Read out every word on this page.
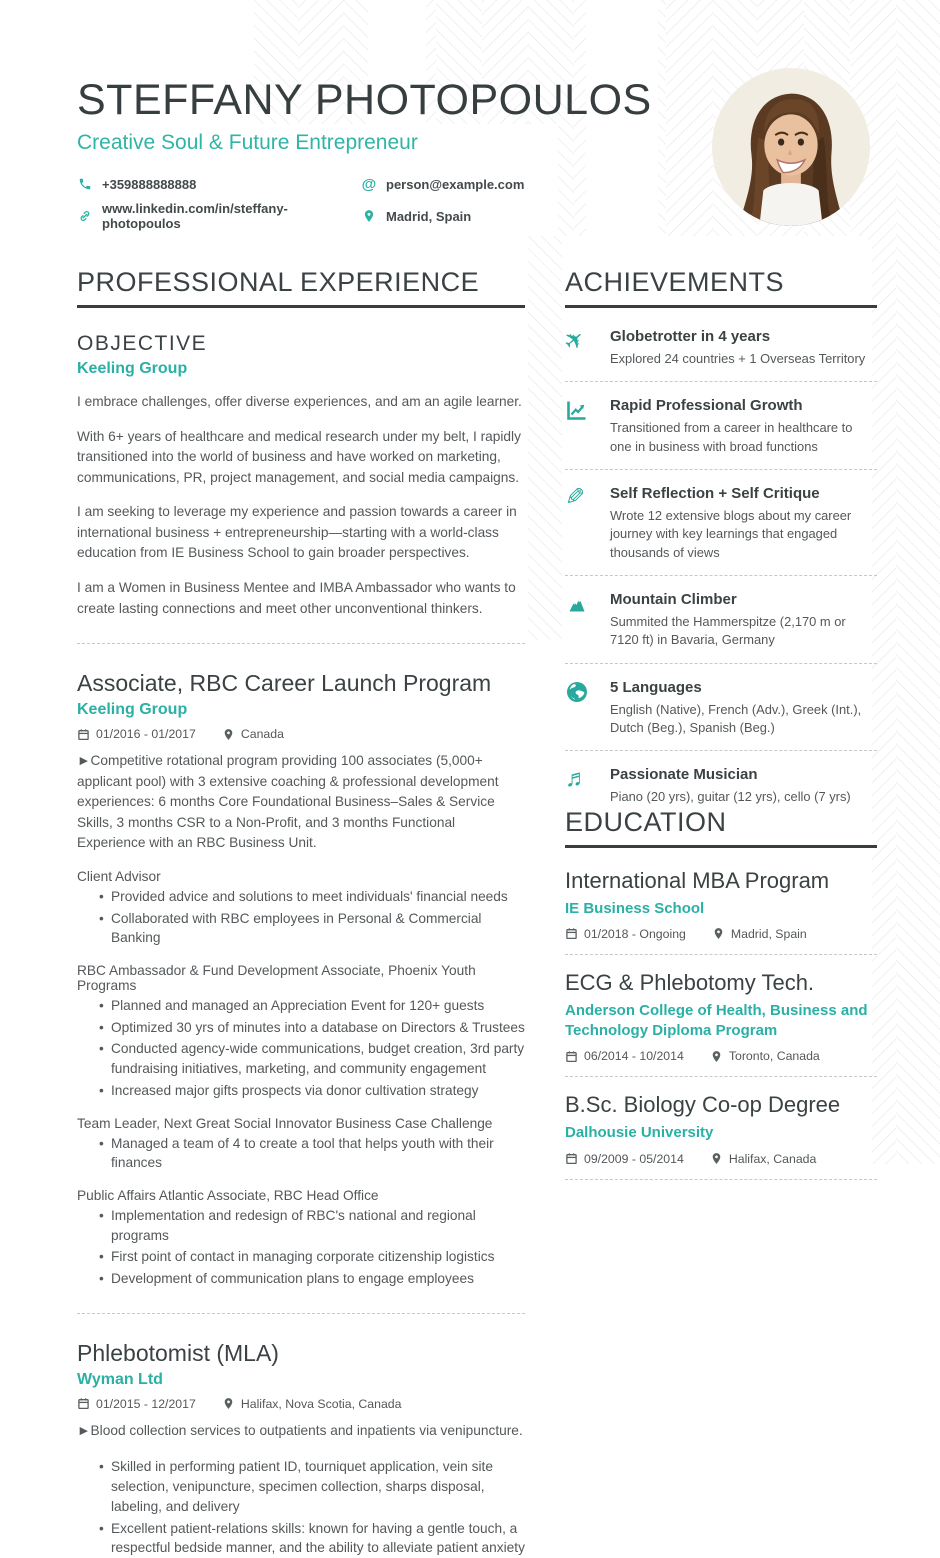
STEFFANY PHOTOPOULOS
Creative Soul & Future Entrepreneur
+359888888888	@ person@example.com
www.linkedin.com/in/steffany-photopoulos	Madrid, Spain
PROFESSIONAL EXPERIENCE
OBJECTIVE
Keeling Group

I embrace challenges, offer diverse experiences, and am an agile learner.

With 6+ years of healthcare and medical research under my belt, I rapidly transitioned into the world of business and have worked on marketing, communications, PR, project management, and social media campaigns.

I am seeking to leverage my experience and passion towards a career in international business + entrepreneurship—starting with a world-class education from IE Business School to gain broader perspectives.

I am a Women in Business Mentee and IMBA Ambassador who wants to create lasting connections and meet other unconventional thinkers.

Associate, RBC Career Launch Program
Keeling Group
01/2016 - 01/2017	Canada

►Competitive rotational program providing 100 associates (5,000+ applicant pool) with 3 extensive coaching & professional development experiences: 6 months Core Foundational Business–Sales & Service Skills, 3 months CSR to a Non-Profit, and 3 months Functional Experience with an RBC Business Unit.

Client Advisor

• Provided advice and solutions to meet individuals' financial needs
• Collaborated with RBC employees in Personal & Commercial Banking

RBC Ambassador & Fund Development Associate, Phoenix Youth Programs

• Planned and managed an Appreciation Event for 120+ guests
• Optimized 30 yrs of minutes into a database on Directors & Trustees
• Conducted agency-wide communications, budget creation, 3rd party fundraising initiatives, marketing, and community engagement
• Increased major gifts prospects via donor cultivation strategy

Team Leader, Next Great Social Innovator Business Case Challenge

• Managed a team of 4 to create a tool that helps youth with their finances

Public Affairs Atlantic Associate, RBC Head Office

• Implementation and redesign of RBC's national and regional programs
• First point of contact in managing corporate citizenship logistics
• Development of communication plans to engage employees
Phlebotomist (MLA)
Wyman Ltd
01/2015 - 12/2017	Halifax, Nova Scotia, Canada

►Blood collection services to outpatients and inpatients via venipuncture.

• Skilled in performing patient ID, tourniquet application, vein site selection, venipuncture, specimen collection, sharps disposal, labeling, and delivery
• Excellent patient-relations skills: known for having a gentle touch, a respectful bedside manner, and the ability to alleviate patient anxiety
ACHIEVEMENTS
✈	Globetrotter in 4 years

Explored 24 countries + 1 Overseas Territory

Rapid Professional Growth

Transitioned from a career in healthcare to one in business with broad functions
✎	Self Reflection + Self Critique

Wrote 12 extensive blogs about my career journey with key learnings that engaged thousands of views

Mountain Climber

Summited the Hammerspitze (2,170 m or 7120 ft) in Bavaria, Germany

5 Languages

English (Native), French (Adv.), Greek (Int.), Dutch (Beg.), Spanish (Beg.)
♬	Passionate Musician

Piano (20 yrs), guitar (12 yrs), cello (7 yrs)
EDUCATION
International MBA Program
IE Business School
01/2018 - Ongoing	Madrid, Spain
ECG & Phlebotomy Tech.
Anderson College of Health, Business and Technology Diploma Program
06/2014 - 10/2014	Toronto, Canada
B.Sc. Biology Co-op Degree
Dalhousie University
09/2009 - 05/2014	Halifax, Canada
